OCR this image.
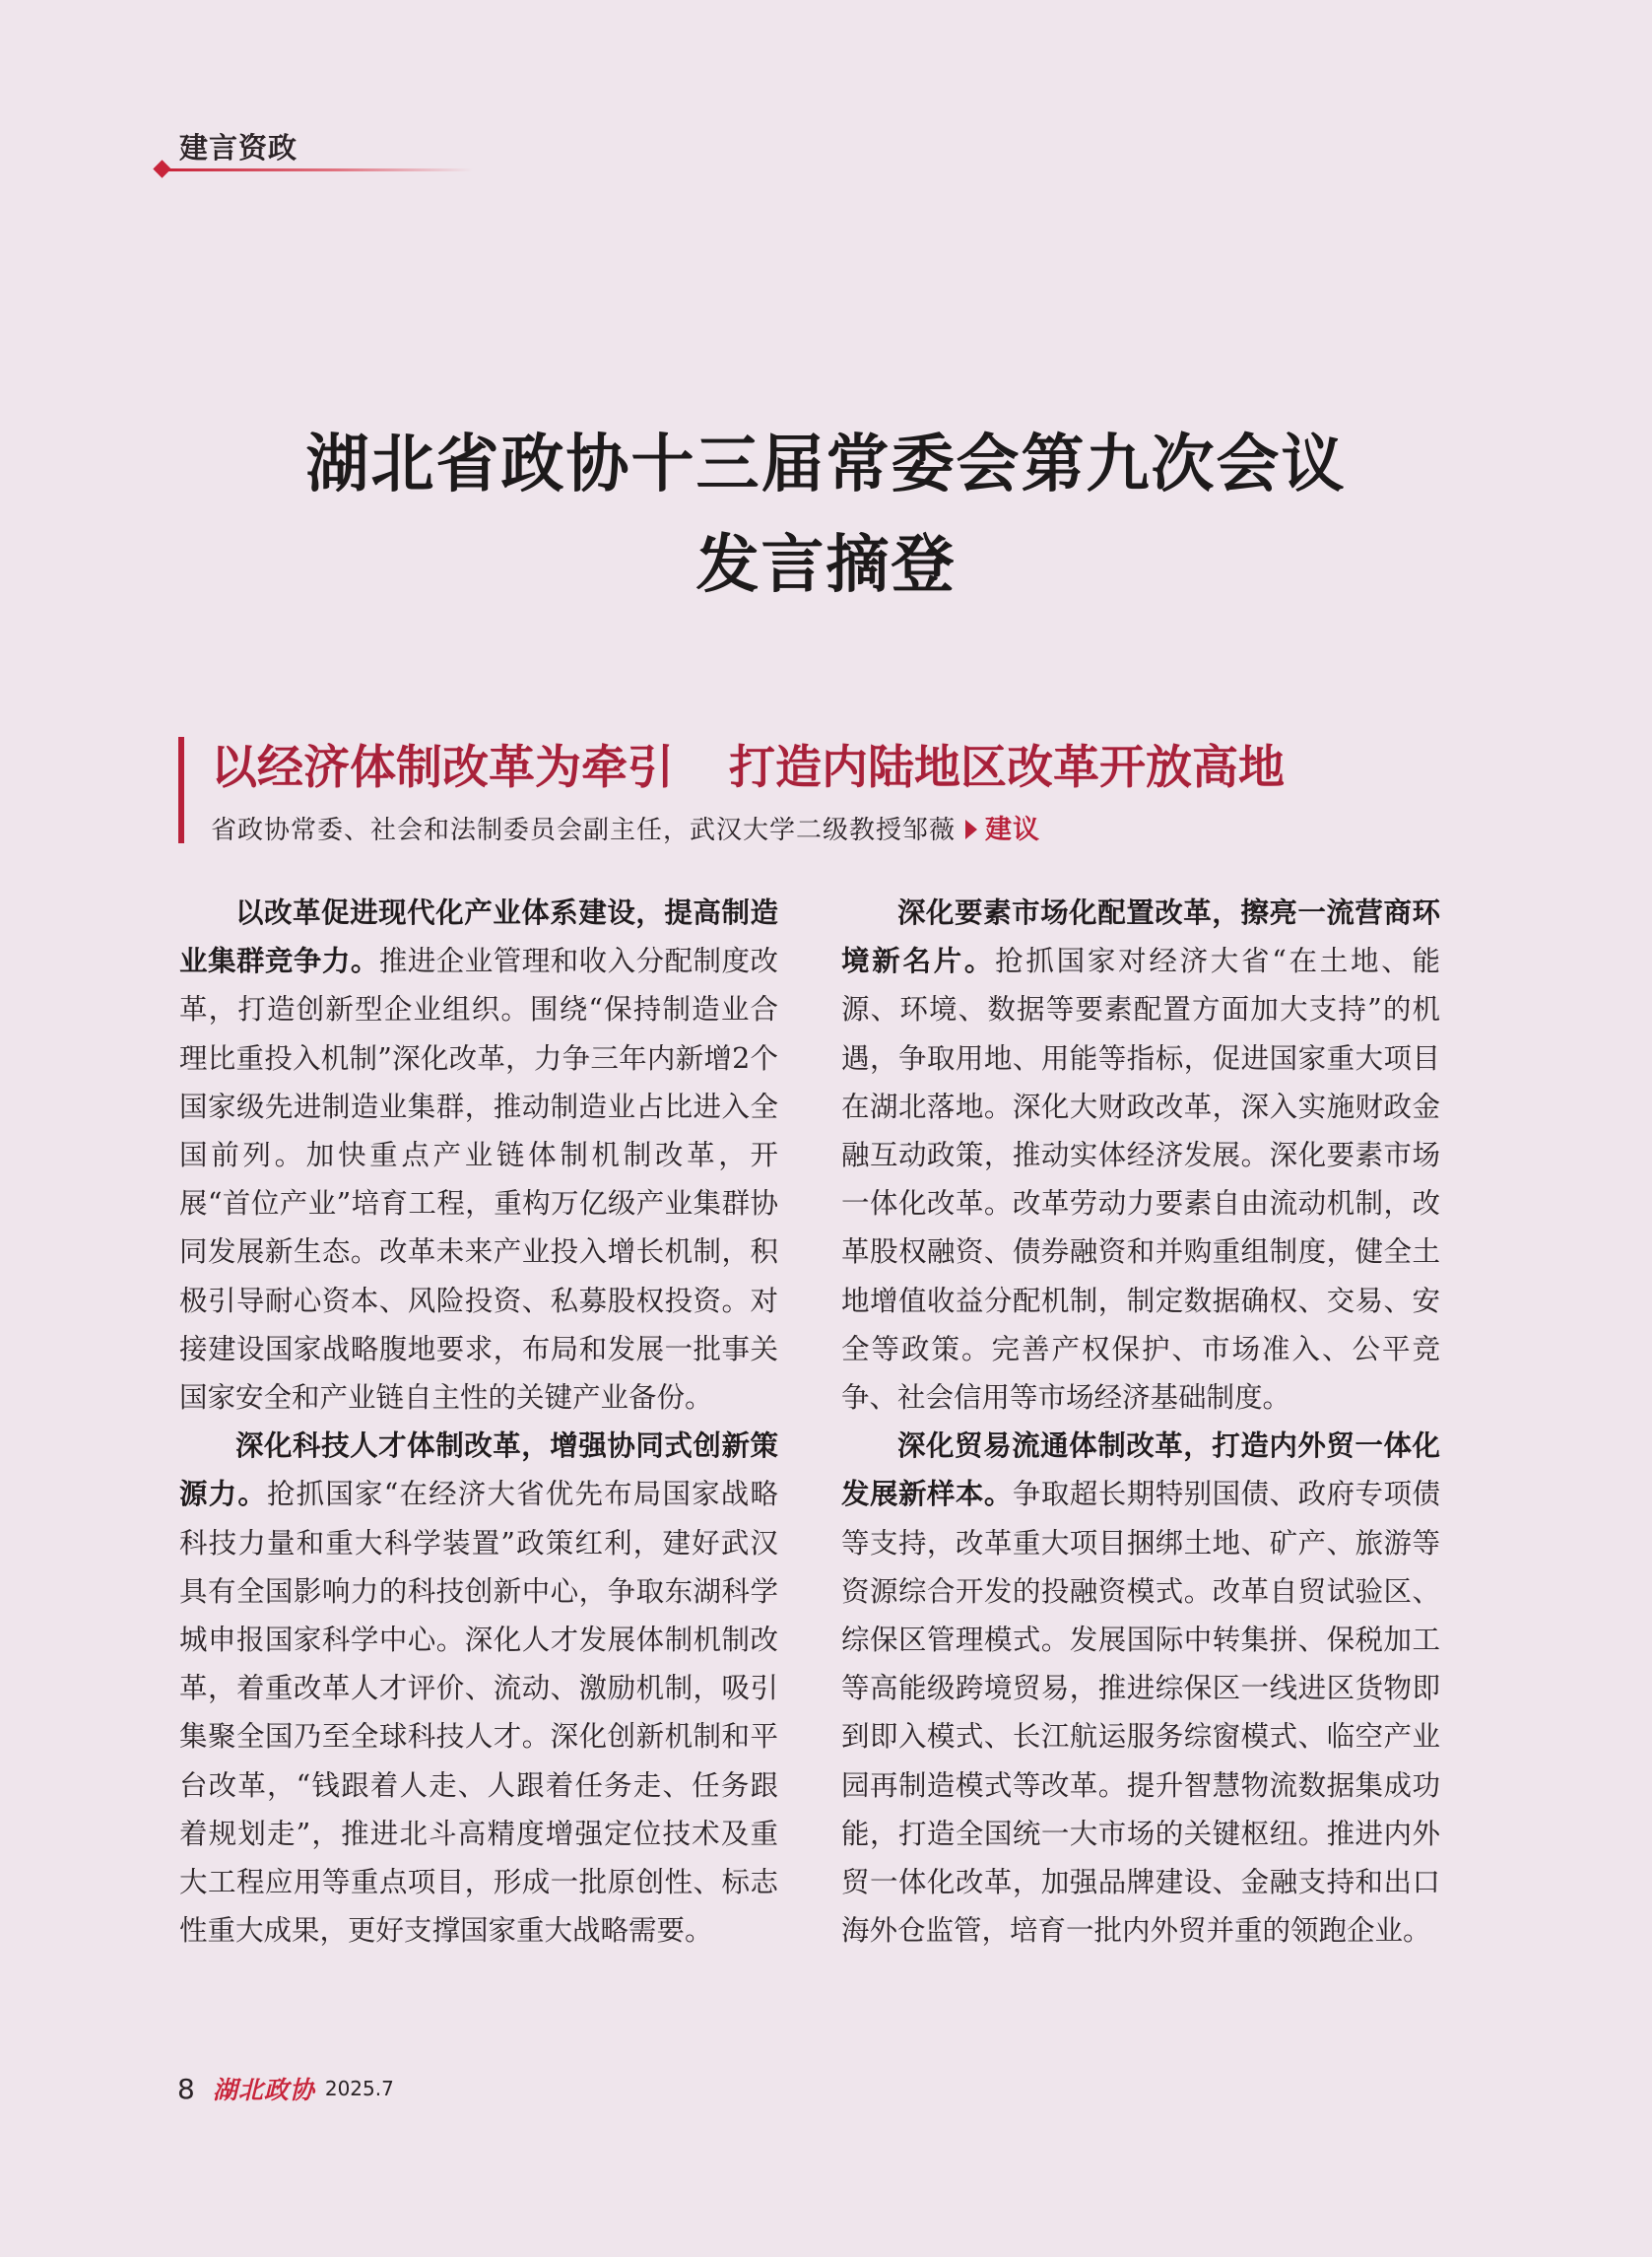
建言资政
湖北省政协十三届常委会第九次会议
发言摘登
以经济体制改革为牵引 打造内陆地区改革开放高地
省政协常委、社会和法制委员会副主任，武汉大学二级教授邹薇 建议

以改革促进现代化产业体系建设，提高制造业集群竞争力。推进企业管理和收入分配制度改革，打造创新型企业组织。围绕“保持制造业合理比重投入机制”深化改革，力争三年内新增2个国家级先进制造业集群，推动制造业占比进入全国前列。加快重点产业链体制机制改革，开展“首位产业”培育工程，重构万亿级产业集群协同发展新生态。改革未来产业投入增长机制，积极引导耐心资本、风险投资、私募股权投资。对接建设国家战略腹地要求，布局和发展一批事关国家安全和产业链自主性的关键产业备份。

深化科技人才体制改革，增强协同式创新策源力。抢抓国家“在经济大省优先布局国家战略科技力量和重大科学装置”政策红利，建好武汉具有全国影响力的科技创新中心，争取东湖科学城申报国家科学中心。深化人才发展体制机制改革，着重改革人才评价、流动、激励机制，吸引集聚全国乃至全球科技人才。深化创新机制和平台改革，“钱跟着人走、人跟着任务走、任务跟着规划走”，推进北斗高精度增强定位技术及重大工程应用等重点项目，形成一批原创性、标志性重大成果，更好支撑国家重大战略需要。

深化要素市场化配置改革，擦亮一流营商环境新名片。抢抓国家对经济大省“在土地、能源、环境、数据等要素配置方面加大支持”的机遇，争取用地、用能等指标，促进国家重大项目在湖北落地。深化大财政改革，深入实施财政金融互动政策，推动实体经济发展。深化要素市场一体化改革。改革劳动力要素自由流动机制，改革股权融资、债券融资和并购重组制度，健全土地增值收益分配机制，制定数据确权、交易、安全等政策。完善产权保护、市场准入、公平竞争、社会信用等市场经济基础制度。

深化贸易流通体制改革，打造内外贸一体化发展新样本。争取超长期特别国债、政府专项债等支持，改革重大项目捆绑土地、矿产、旅游等资源综合开发的投融资模式。改革自贸试验区、综保区管理模式。发展国际中转集拼、保税加工等高能级跨境贸易，推进综保区一线进区货物即到即入模式、长江航运服务综窗模式、临空产业园再制造模式等改革。提升智慧物流数据集成功能，打造全国统一大市场的关键枢纽。推进内外贸一体化改革，加强品牌建设、金融支持和出口海外仓监管，培育一批内外贸并重的领跑企业。

8 湖北政协 2025.7
